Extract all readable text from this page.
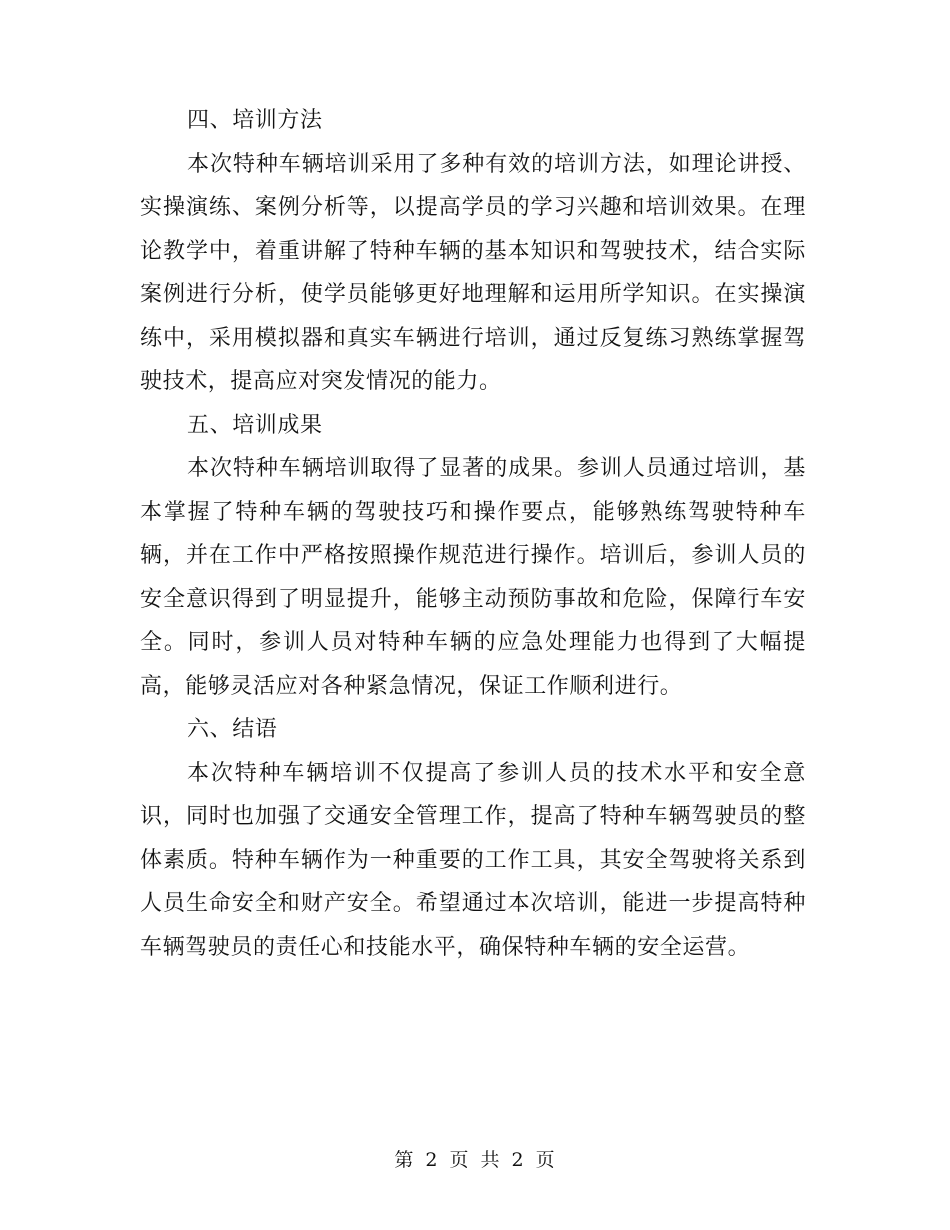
四、培训方法

本次特种车辆培训采用了多种有效的培训方法，如理论讲授、实操演练、案例分析等，以提高学员的学习兴趣和培训效果。在理论教学中，着重讲解了特种车辆的基本知识和驾驶技术，结合实际案例进行分析，使学员能够更好地理解和运用所学知识。在实操演练中，采用模拟器和真实车辆进行培训，通过反复练习熟练掌握驾驶技术，提高应对突发情况的能力。

五、培训成果

本次特种车辆培训取得了显著的成果。参训人员通过培训，基本掌握了特种车辆的驾驶技巧和操作要点，能够熟练驾驶特种车辆，并在工作中严格按照操作规范进行操作。培训后，参训人员的安全意识得到了明显提升，能够主动预防事故和危险，保障行车安全。同时，参训人员对特种车辆的应急处理能力也得到了大幅提高，能够灵活应对各种紧急情况，保证工作顺利进行。

六、结语

本次特种车辆培训不仅提高了参训人员的技术水平和安全意识，同时也加强了交通安全管理工作，提高了特种车辆驾驶员的整体素质。特种车辆作为一种重要的工作工具，其安全驾驶将关系到人员生命安全和财产安全。希望通过本次培训，能进一步提高特种车辆驾驶员的责任心和技能水平，确保特种车辆的安全运营。

第 2 页 共 2 页
